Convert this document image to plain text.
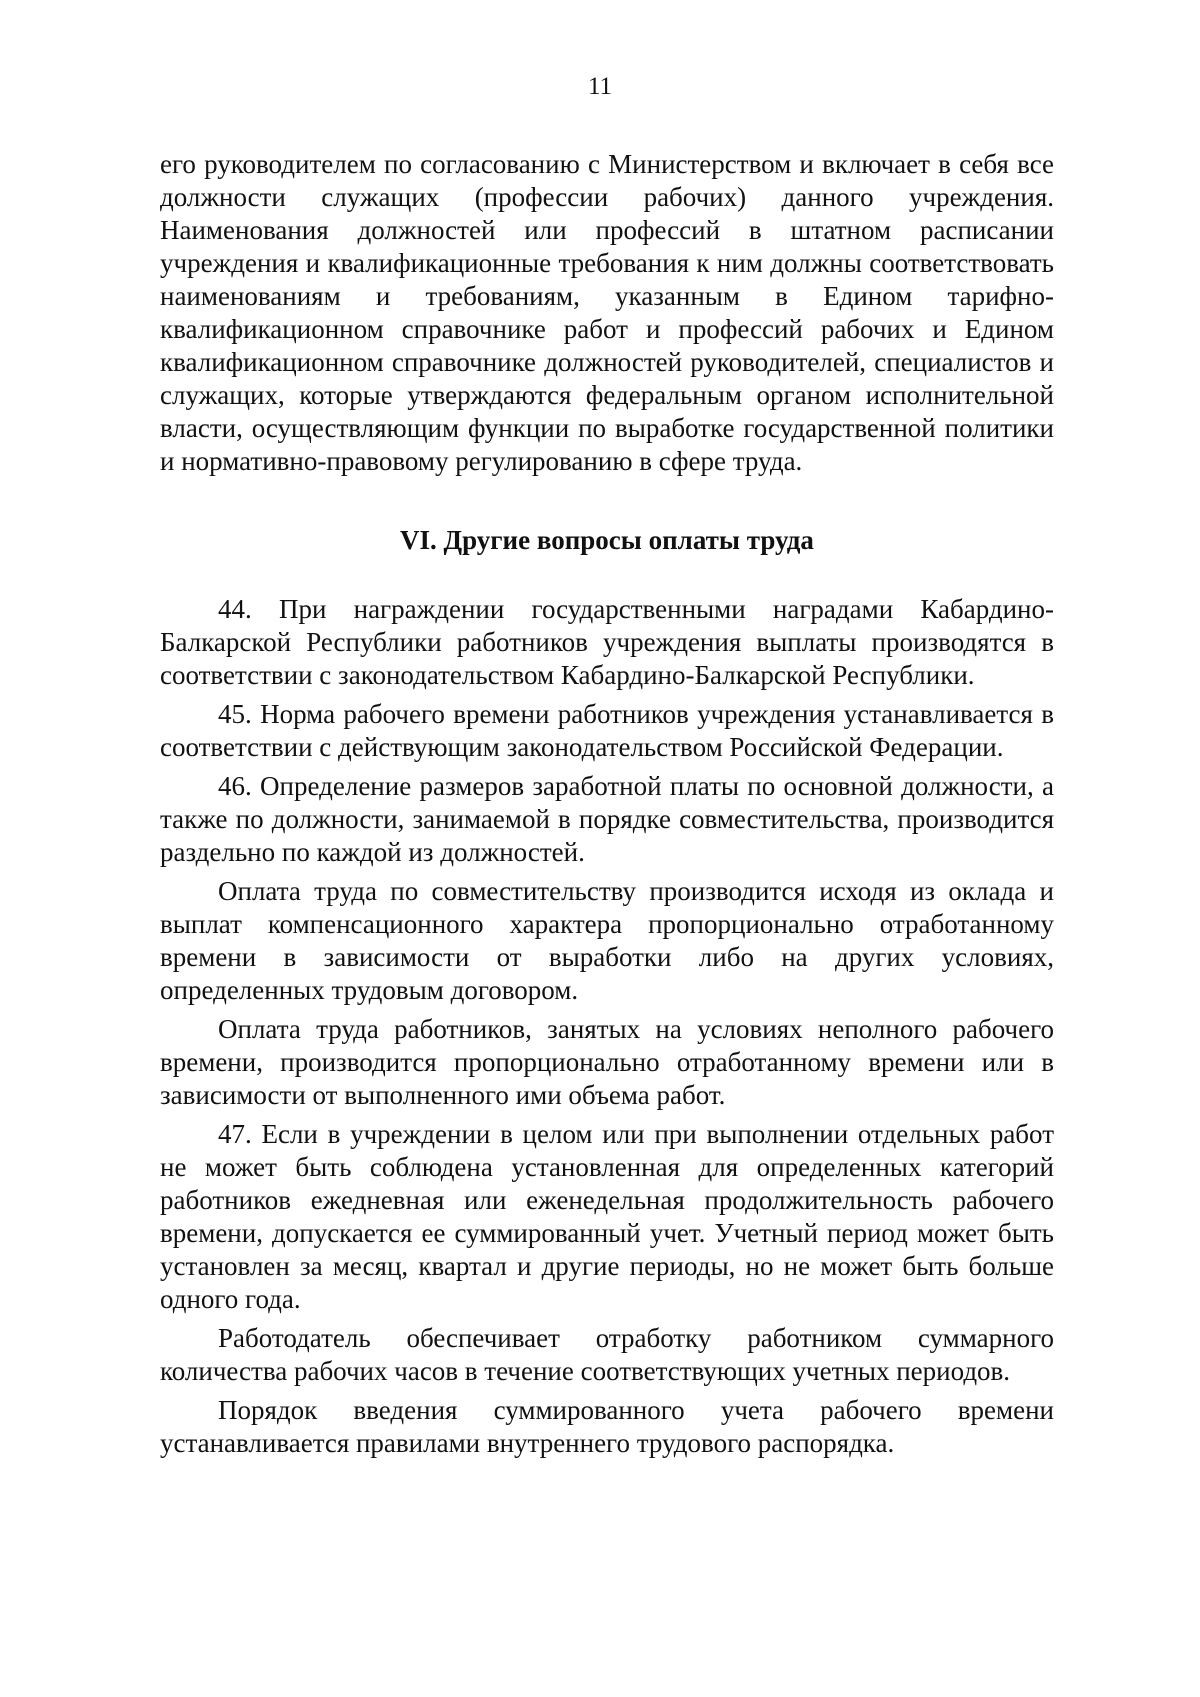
11

его руководителем по согласованию с Министерством и включает в себя все должности служащих (профессии рабочих) данного учреждения. Наименования должностей или профессий в штатном расписании учреждения и квалификационные требования к ним должны соответствовать наименованиям и требованиям, указанным в Едином тарифно-квалификационном справочнике работ и профессий рабочих и Едином квалификационном справочнике должностей руководителей, специалистов и служащих, которые утверждаются федеральным органом исполнительной власти, осуществляющим функции по выработке государственной политики и нормативно-правовому регулированию в сфере труда.

VI. Другие вопросы оплаты труда

44. При награждении государственными наградами Кабардино-Балкарской Республики работников учреждения выплаты производятся в соответствии с законодательством Кабардино-Балкарской Республики.

45. Норма рабочего времени работников учреждения устанавливается в соответствии с действующим законодательством Российской Федерации.

46. Определение размеров заработной платы по основной должности, а также по должности, занимаемой в порядке совместительства, производится раздельно по каждой из должностей.

Оплата труда по совместительству производится исходя из оклада и выплат компенсационного характера пропорционально отработанному времени в зависимости от выработки либо на других условиях, определенных трудовым договором.

Оплата труда работников, занятых на условиях неполного рабочего времени, производится пропорционально отработанному времени или в зависимости от выполненного ими объема работ.

47. Если в учреждении в целом или при выполнении отдельных работ не может быть соблюдена установленная для определенных категорий работников ежедневная или еженедельная продолжительность рабочего времени, допускается ее суммированный учет. Учетный период может быть установлен за месяц, квартал и другие периоды, но не может быть больше одного года.

Работодатель обеспечивает отработку работником суммарного количества рабочих часов в течение соответствующих учетных периодов.

Порядок введения суммированного учета рабочего времени устанавливается правилами внутреннего трудового распорядка.
